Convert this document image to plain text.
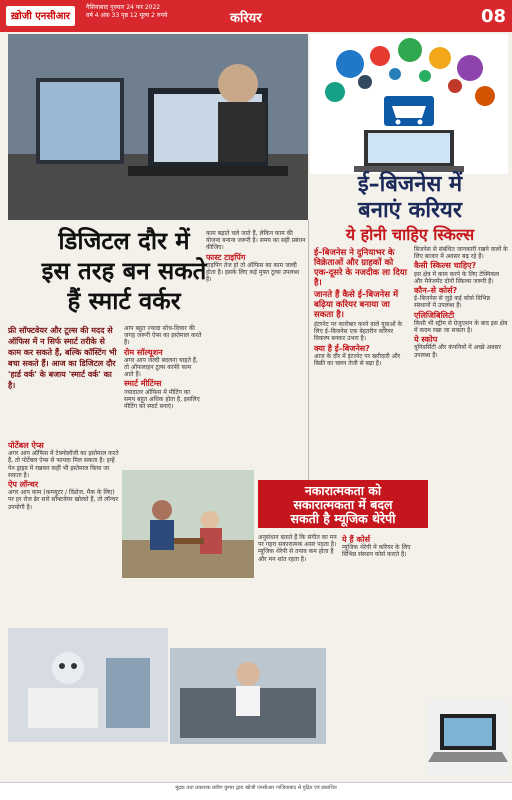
ख़ोजी एनसीआर
गैसियाबाद गुरुवार 24 फर 2022
वर्ष 4 अंक 33 पृष्ठ 12 मूल्य 2 रुपये	करियर	08
ई–बिजनेस में
बनाएं करियर
ये होनी चाहिए स्किल्स
डिजिटल दौर में
इस तरह बन सकते
हैं स्मार्ट वर्कर
फ्री सॉफ्टवेयर और टूल्स की मदद से ऑफिस में न सिर्फ स्मार्ट तरीके से काम कर सकते हैं, बल्कि कॉस्टिंग भी बचा सकते हैं। आज का डिजिटल दौर 'हार्ड वर्क' के बजाय 'स्मार्ट वर्क' का है।
पोर्टेबल ऐप्स
अगर आप ऑफिस में टेक्नोलॉजी का इस्तेमाल करते हैं, तो पोर्टेबल ऐप्स से फायदा मिल सकता है। इन्हें पेन ड्राइव में रखकर कहीं भी इस्तेमाल किया जा सकता है।
ऐप लॉन्चर
अगर आप काम (कम्प्यूटर / विंडोज, मैक के लिए) पर हर रोज ढेर सारे सॉफ्टवेयर खोलते हैं, तो लॉन्चर उपयोगी है।
आप बहुत ज्यादा सोच-विचार की जगह जरूरी ऐप्स का इस्तेमाल करते हैं।
रोम सॉल्यूशन
अगर आप जल्दी बदलना चाहते हैं, तो ऑफलाइन टूल्स काफी काम आते हैं।
स्मार्ट मीटिंग्स
ज्यादातर ऑफिस में मीटिंग का समय बहुत अधिक होता है, इसलिए मीटिंग को स्मार्ट बनाएं।
काम बढ़ाते चले जाते हैं, लेकिन काम की योजना बनाना जरूरी है। समय का सही प्रबंधन कीजिए।
फास्ट टाइपिंग
टाइपिंग तेज हो तो ऑफिस का काम जल्दी होता है। इसके लिए कई मुफ्त टूल्स उपलब्ध हैं।
ई–बिजनेस ने दुनियाभर के विक्रेताओं और ग्राहकों को एक-दूसरे के नजदीक ला दिया है।
जानते हैं कैसे ई–बिजनेस में बढ़िया करियर बनाया जा सकता है।
इंटरनेट पर कारोबार करने वाले युवाओं के लिए ई–बिजनेस एक बेहतरीन करियर विकल्प बनकर उभरा है।
क्या है ई–बिजनेस?
आज के दौर में इंटरनेट पर खरीदारी और बिक्री का चलन तेजी से बढ़ा है।
बिजनेस से संबंधित जानकारी रखने वालों के लिए बाजार में अवसर बढ़ रहे हैं।
कैसी स्किल्स चाहिए?
इस क्षेत्र में काम करने के लिए टेक्निकल और मैनेजमेंट दोनों स्किल्स जरूरी हैं।
कौन–से कोर्स?
ई–बिजनेस से जुड़े कई कोर्स विभिन्न संस्थानों में उपलब्ध हैं।
एलिजिबिलिटी
किसी भी स्ट्रीम से ग्रेजुएशन के बाद इस क्षेत्र में कदम रखा जा सकता है।
ये स्कोप
यूनिवर्सिटी और कंपनियों में अच्छे अवसर उपलब्ध हैं।
नकारात्मकता को
सकारात्मकता में बदल
सकती है म्यूजिक थेरेपी
अनुसंधान बताते हैं कि संगीत का मन पर गहरा सकारात्मक असर पड़ता है।
म्यूजिक थेरेपी से तनाव कम होता है और मन शांत रहता है।
ये हैं कोर्स
म्यूजिक थेरेपी में करियर के लिए विभिन्न संस्थान कोर्स कराते हैं।
मुद्रक तथा प्रकाशक प्रवीण कुमार द्वारा खोजी एनसीआर गाजियाबाद से मुद्रित एवं प्रकाशित
